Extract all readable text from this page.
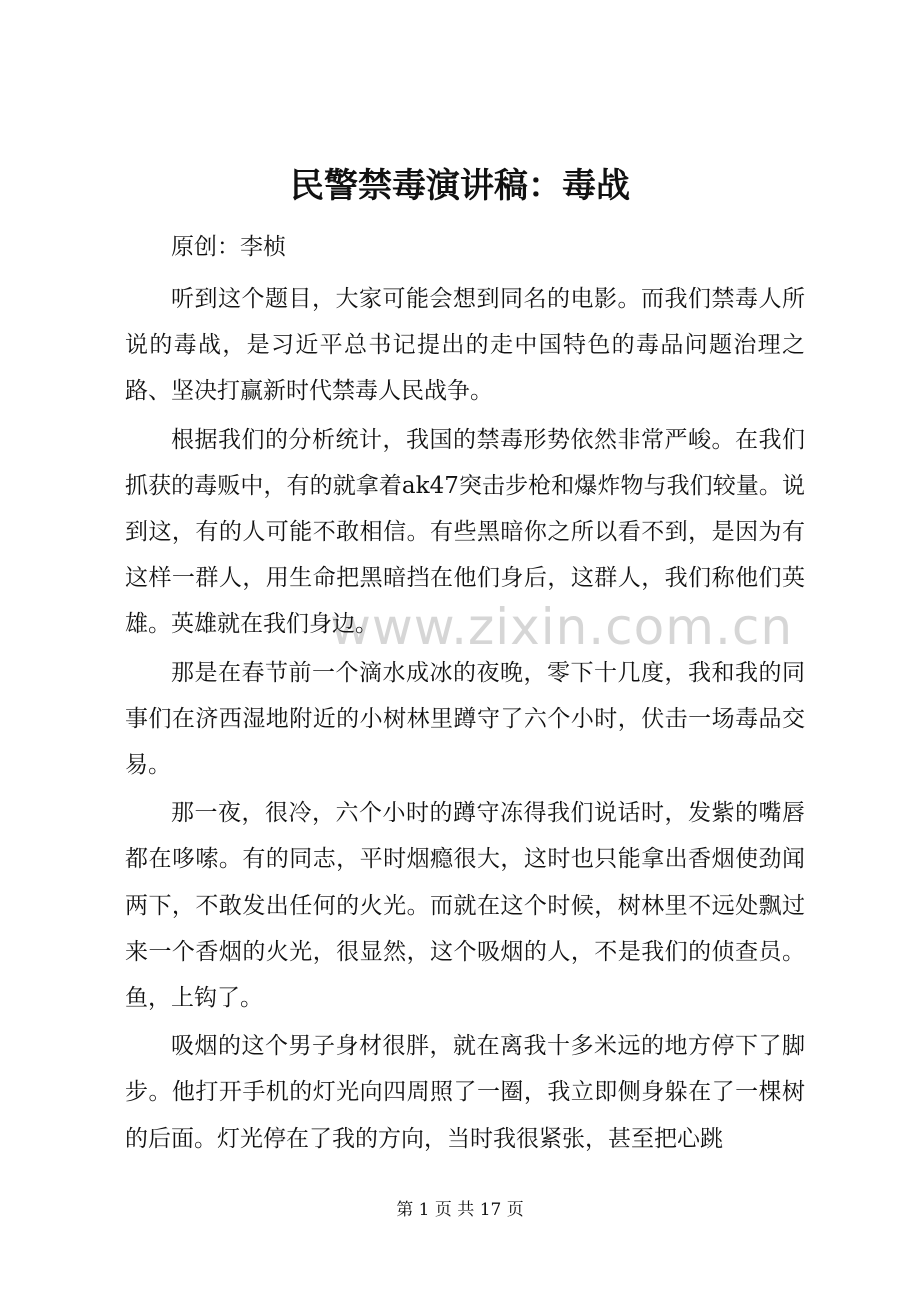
www.zixin.com.cn
民警禁毒演讲稿：毒战

原创：李桢

听到这个题目，大家可能会想到同名的电影。而我们禁毒人所说的毒战，是习近平总书记提出的走中国特色的毒品问题治理之路、坚决打赢新时代禁毒人民战争。

根据我们的分析统计，我国的禁毒形势依然非常严峻。在我们抓获的毒贩中，有的就拿着ak47突击步枪和爆炸物与我们较量。说到这，有的人可能不敢相信。有些黑暗你之所以看不到，是因为有这样一群人，用生命把黑暗挡在他们身后，这群人，我们称他们英雄。英雄就在我们身边。

那是在春节前一个滴水成冰的夜晚，零下十几度，我和我的同事们在济西湿地附近的小树林里蹲守了六个小时，伏击一场毒品交易。

那一夜，很冷，六个小时的蹲守冻得我们说话时，发紫的嘴唇都在哆嗦。有的同志，平时烟瘾很大，这时也只能拿出香烟使劲闻两下，不敢发出任何的火光。而就在这个时候，树林里不远处飘过来一个香烟的火光，很显然，这个吸烟的人，不是我们的侦查员。鱼，上钩了。

吸烟的这个男子身材很胖，就在离我十多米远的地方停下了脚步。他打开手机的灯光向四周照了一圈，我立即侧身躲在了一棵树的后面。灯光停在了我的方向，当时我很紧张，甚至把心跳

第 1 页 共 17 页
